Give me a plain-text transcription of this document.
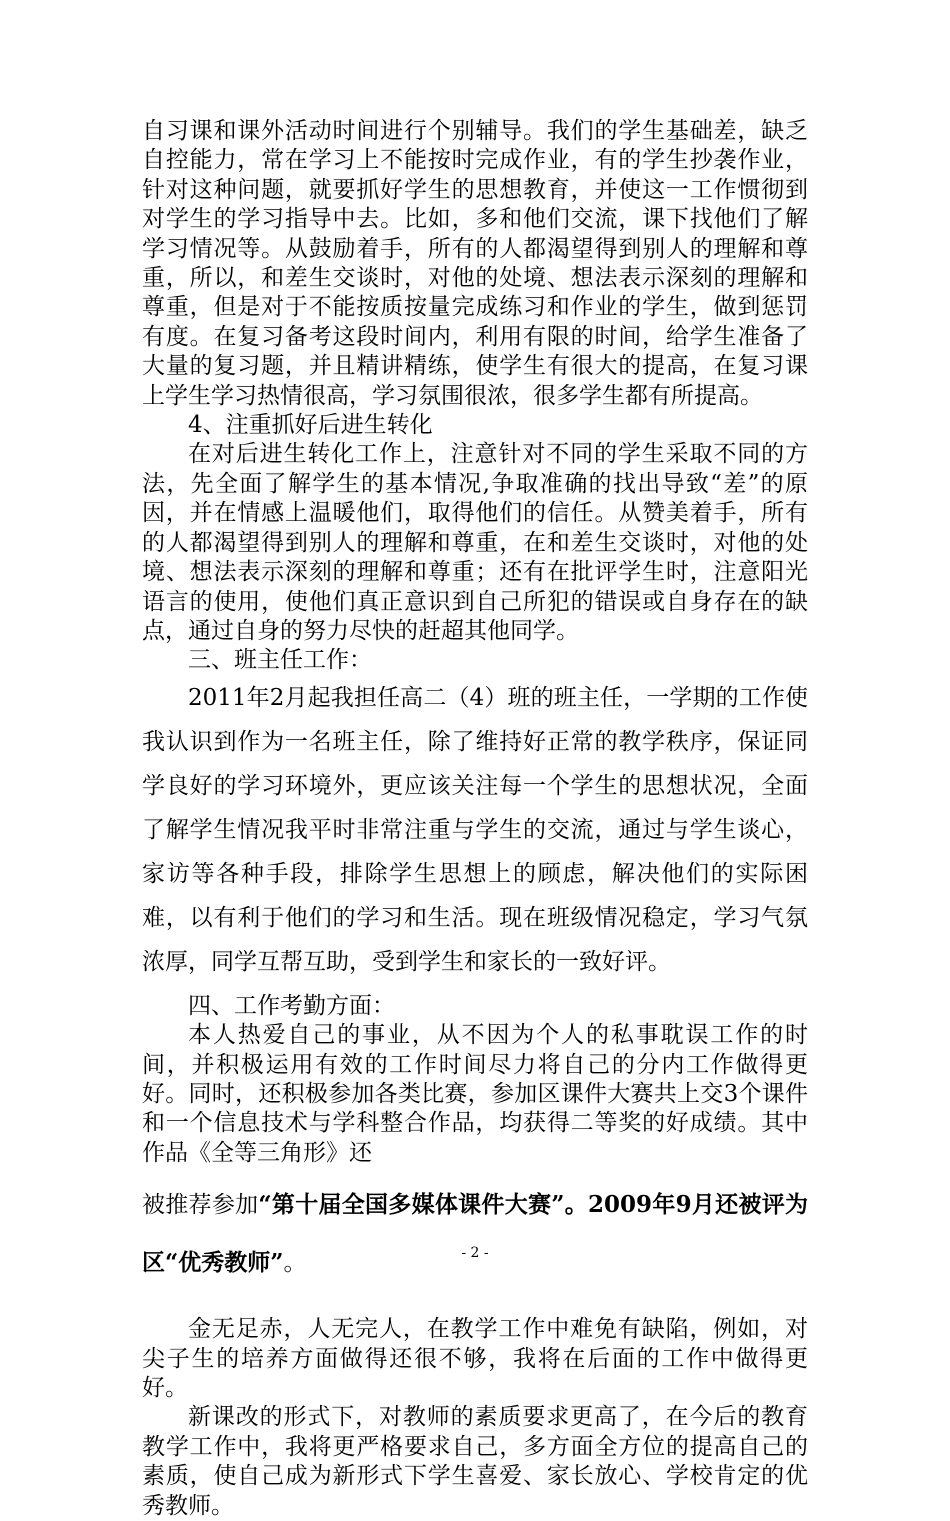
自习课和课外活动时间进行个别辅导。我们的学生基础差，缺乏自控能力，常在学习上不能按时完成作业，有的学生抄袭作业，针对这种问题，就要抓好学生的思想教育，并使这一工作惯彻到对学生的学习指导中去。比如，多和他们交流，课下找他们了解学习情况等。从鼓励着手，所有的人都渴望得到别人的理解和尊重，所以，和差生交谈时，对他的处境、想法表示深刻的理解和尊重，但是对于不能按质按量完成练习和作业的学生，做到惩罚有度。在复习备考这段时间内，利用有限的时间，给学生准备了大量的复习题，并且精讲精练，使学生有很大的提高，在复习课上学生学习热情很高，学习氛围很浓，很多学生都有所提高。

4、注重抓好后进生转化

在对后进生转化工作上，注意针对不同的学生采取不同的方法，先全面了解学生的基本情况,争取准确的找出导致“差”的原因，并在情感上温暖他们，取得他们的信任。从赞美着手，所有的人都渴望得到别人的理解和尊重，在和差生交谈时，对他的处境、想法表示深刻的理解和尊重；还有在批评学生时，注意阳光语言的使用，使他们真正意识到自己所犯的错误或自身存在的缺点，通过自身的努力尽快的赶超其他同学。

三、班主任工作：

2011年2月起我担任高二（4）班的班主任，一学期的工作使我认识到作为一名班主任，除了维持好正常的教学秩序，保证同学良好的学习环境外，更应该关注每一个学生的思想状况，全面了解学生情况我平时非常注重与学生的交流，通过与学生谈心，家访等各种手段，排除学生思想上的顾虑，解决他们的实际困难，以有利于他们的学习和生活。现在班级情况稳定，学习气氛浓厚，同学互帮互助，受到学生和家长的一致好评。

四、工作考勤方面：

本人热爱自己的事业，从不因为个人的私事耽误工作的时间，并积极运用有效的工作时间尽力将自己的分内工作做得更好。同时，还积极参加各类比赛，参加区课件大赛共上交3个课件和一个信息技术与学科整合作品，均获得二等奖的好成绩。其中作品《全等三角形》还

被推荐参加“第十届全国多媒体课件大赛”。2009年9月还被评为区“优秀教师”。

金无足赤，人无完人，在教学工作中难免有缺陷，例如，对尖子生的培养方面做得还很不够，我将在后面的工作中做得更好。

新课改的形式下，对教师的素质要求更高了，在今后的教育教学工作中，我将更严格要求自己，多方面全方位的提高自己的素质，使自己成为新形式下学生喜爱、家长放心、学校肯定的优秀教师。

- 2 -
